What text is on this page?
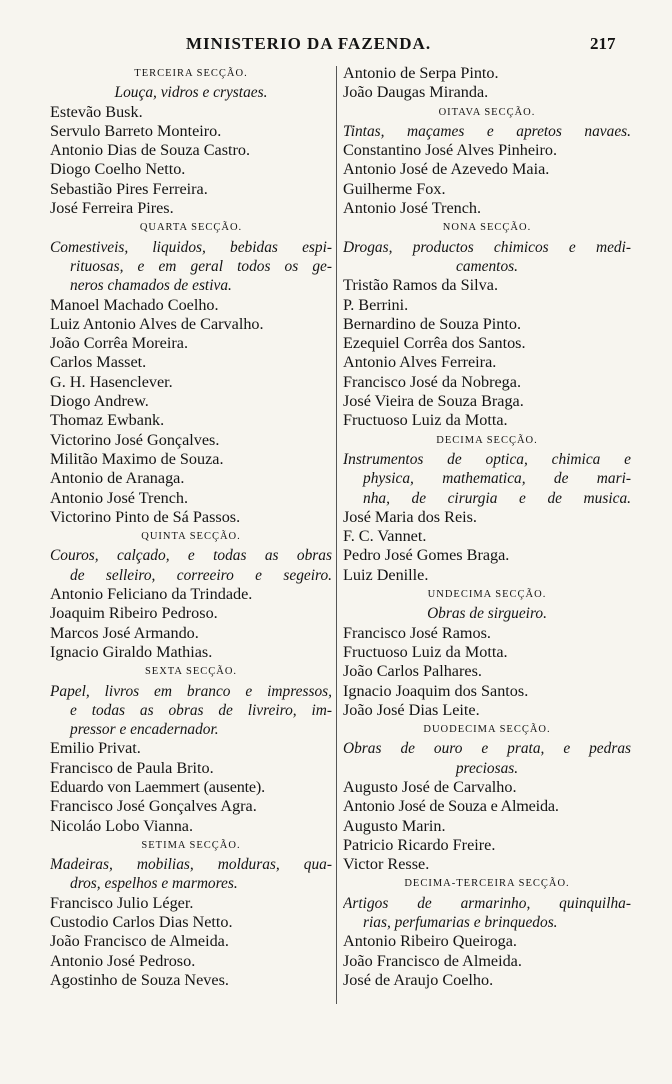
MINISTERIO DA FAZENDA.	217
TERCEIRA SECÇÃO.
Louça, vidros e crystaes.
Estevão Busk.
Servulo Barreto Monteiro.
Antonio Dias de Souza Castro.
Diogo Coelho Netto.
Sebastião Pires Ferreira.
José Ferreira Pires.
QUARTA SECÇÃO.
Comestiveis, liquidos, bebidas espi-
rituosas, e em geral todos os ge-
neros chamados de estiva.
Manoel Machado Coelho.
Luiz Antonio Alves de Carvalho.
João Corrêa Moreira.
Carlos Masset.
G. H. Hasenclever.
Diogo Andrew.
Thomaz Ewbank.
Victorino José Gonçalves.
Militão Maximo de Souza.
Antonio de Aranaga.
Antonio José Trench.
Victorino Pinto de Sá Passos.
QUINTA SECÇÃO.
Couros, calçado, e todas as obras
de selleiro, correeiro e segeiro.
Antonio Feliciano da Trindade.
Joaquim Ribeiro Pedroso.
Marcos José Armando.
Ignacio Giraldo Mathias.
SEXTA SECÇÃO.
Papel, livros em branco e impressos,
e todas as obras de livreiro, im-
pressor e encadernador.
Emilio Privat.
Francisco de Paula Brito.
Eduardo von Laemmert (ausente).
Francisco José Gonçalves Agra.
Nicoláo Lobo Vianna.
SETIMA SECÇÃO.
Madeiras, mobilias, molduras, qua-
dros, espelhos e marmores.
Francisco Julio Léger.
Custodio Carlos Dias Netto.
João Francisco de Almeida.
Antonio José Pedroso.
Agostinho de Souza Neves.
Antonio de Serpa Pinto.
João Daugas Miranda.
OITAVA SECÇÃO.
Tintas, maçames e apretos navaes.
Constantino José Alves Pinheiro.
Antonio José de Azevedo Maia.
Guilherme Fox.
Antonio José Trench.
NONA SECÇÃO.
Drogas, productos chimicos e medi-
camentos.
Tristão Ramos da Silva.
P. Berrini.
Bernardino de Souza Pinto.
Ezequiel Corrêa dos Santos.
Antonio Alves Ferreira.
Francisco José da Nobrega.
José Vieira de Souza Braga.
Fructuoso Luiz da Motta.
DECIMA SECÇÃO.
Instrumentos de optica, chimica e
physica, mathematica, de mari-
nha, de cirurgia e de musica.
José Maria dos Reis.
F. C. Vannet.
Pedro José Gomes Braga.
Luiz Denille.
UNDECIMA SECÇÃO.
Obras de sirgueiro.
Francisco José Ramos.
Fructuoso Luiz da Motta.
João Carlos Palhares.
Ignacio Joaquim dos Santos.
João José Dias Leite.
DUODECIMA SECÇÃO.
Obras de ouro e prata, e pedras
preciosas.
Augusto José de Carvalho.
Antonio José de Souza e Almeida.
Augusto Marin.
Patricio Ricardo Freire.
Victor Resse.
DECIMA-TERCEIRA SECÇÃO.
Artigos de armarinho, quinquilha-
rias, perfumarias e brinquedos.
Antonio Ribeiro Queiroga.
João Francisco de Almeida.
José de Araujo Coelho.
